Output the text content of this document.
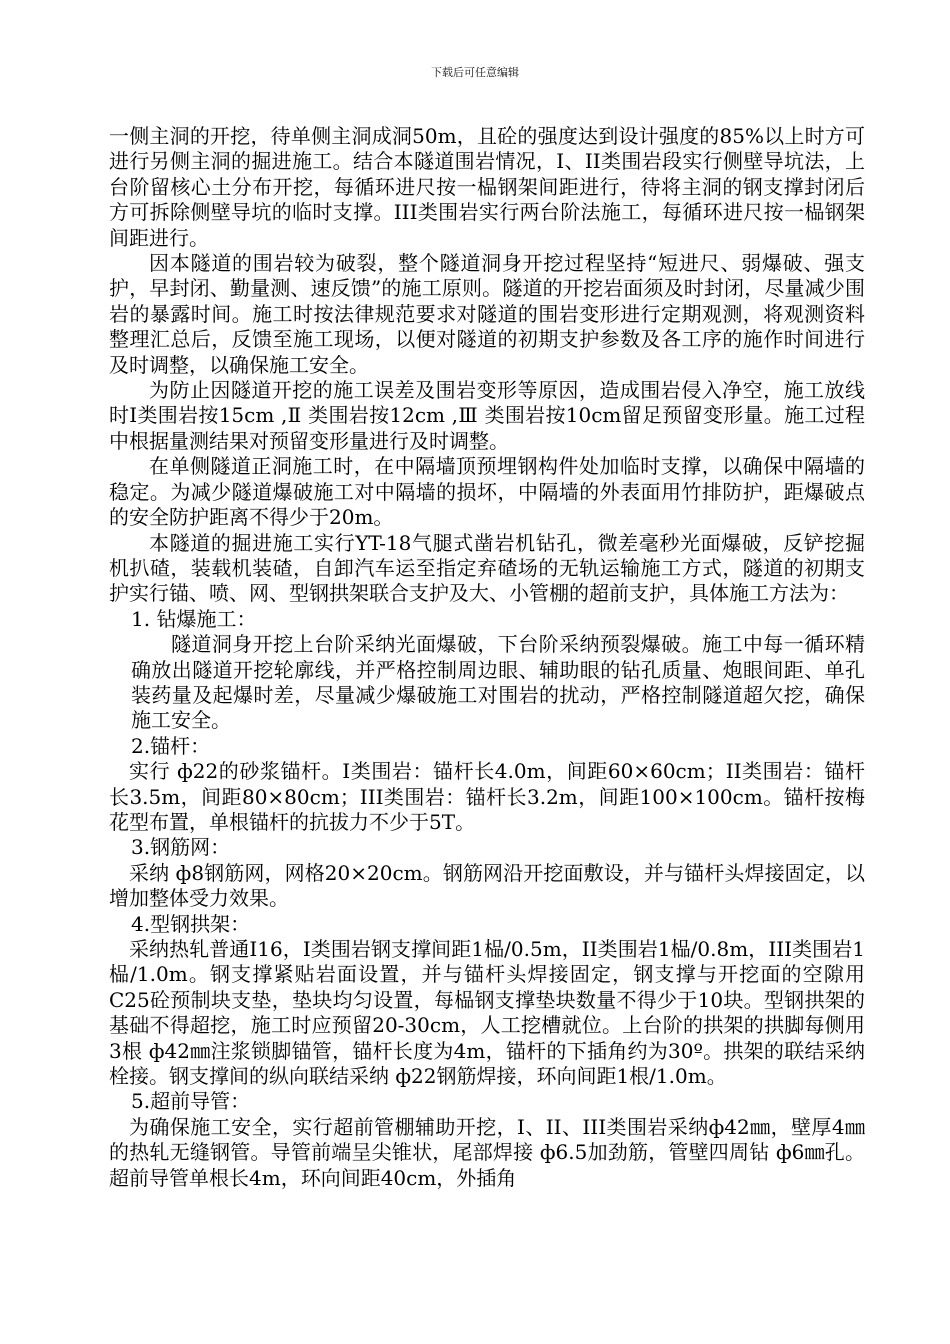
下载后可任意编辑

一侧主洞的开挖，待单侧主洞成洞50m，且砼的强度达到设计强度的85%以上时方可进行另侧主洞的掘进施工。结合本隧道围岩情况，I、II类围岩段实行侧壁导坑法，上台阶留核心土分布开挖，每循环进尺按一榀钢架间距进行，待将主洞的钢支撑封闭后方可拆除侧壁导坑的临时支撑。III类围岩实行两台阶法施工，每循环进尺按一榀钢架间距进行。

因本隧道的围岩较为破裂，整个隧道洞身开挖过程坚持“短进尺、弱爆破、强支护，早封闭、勤量测、速反馈”的施工原则。隧道的开挖岩面须及时封闭，尽量减少围岩的暴露时间。施工时按法律规范要求对隧道的围岩变形进行定期观测，将观测资料整理汇总后，反馈至施工现场，以便对隧道的初期支护参数及各工序的施作时间进行及时调整，以确保施工安全。

为防止因隧道开挖的施工误差及围岩变形等原因，造成围岩侵入净空，施工放线时Ⅰ类围岩按15cm ,Ⅱ 类围岩按12cm ,Ⅲ 类围岩按10cm留足预留变形量。施工过程中根据量测结果对预留变形量进行及时调整。

在单侧隧道正洞施工时，在中隔墙顶预埋钢构件处加临时支撑，以确保中隔墙的稳定。为减少隧道爆破施工对中隔墙的损坏，中隔墙的外表面用竹排防护，距爆破点的安全防护距离不得少于20m。

本隧道的掘进施工实行YT-18气腿式凿岩机钻孔，微差毫秒光面爆破，反铲挖掘机扒碴，装载机装碴，自卸汽车运至指定弃碴场的无轨运输施工方式，隧道的初期支护实行锚、喷、网、型钢拱架联合支护及大、小管棚的超前支护，具体施工方法为：

1. 钻爆施工：

隧道洞身开挖上台阶采纳光面爆破，下台阶采纳预裂爆破。施工中每一循环精确放出隧道开挖轮廓线，并严格控制周边眼、辅助眼的钻孔质量、炮眼间距、单孔装药量及起爆时差，尽量减少爆破施工对围岩的扰动，严格控制隧道超欠挖，确保施工安全。

2.锚杆：

实行 ф22的砂浆锚杆。I类围岩：锚杆长4.0m，间距60×60cm；II类围岩：锚杆长3.5m，间距80×80cm；III类围岩：锚杆长3.2m，间距100×100cm。锚杆按梅花型布置，单根锚杆的抗拔力不少于5T。

3.钢筋网：

采纳 ф8钢筋网，网格20×20cm。钢筋网沿开挖面敷设，并与锚杆头焊接固定，以增加整体受力效果。

4.型钢拱架：

采纳热轧普通I16，I类围岩钢支撑间距1榀/0.5m，II类围岩1榀/0.8m，III类围岩1榀/1.0m。钢支撑紧贴岩面设置，并与锚杆头焊接固定，钢支撑与开挖面的空隙用C25砼预制块支垫，垫块均匀设置，每榀钢支撑垫块数量不得少于10块。型钢拱架的基础不得超挖，施工时应预留20-30cm，人工挖槽就位。上台阶的拱架的拱脚每侧用3根 ф42㎜注浆锁脚锚管，锚杆长度为4m，锚杆的下插角约为30º。拱架的联结采纳栓接。钢支撑间的纵向联结采纳 ф22钢筋焊接，环向间距1根/1.0m。

5.超前导管：

为确保施工安全，实行超前管棚辅助开挖，I、II、III类围岩采纳ф42㎜，壁厚4㎜的热轧无缝钢管。导管前端呈尖锥状，尾部焊接 ф6.5加劲筋，管壁四周钻 ф6㎜孔。超前导管单根长4m，环向间距40cm，外插角
